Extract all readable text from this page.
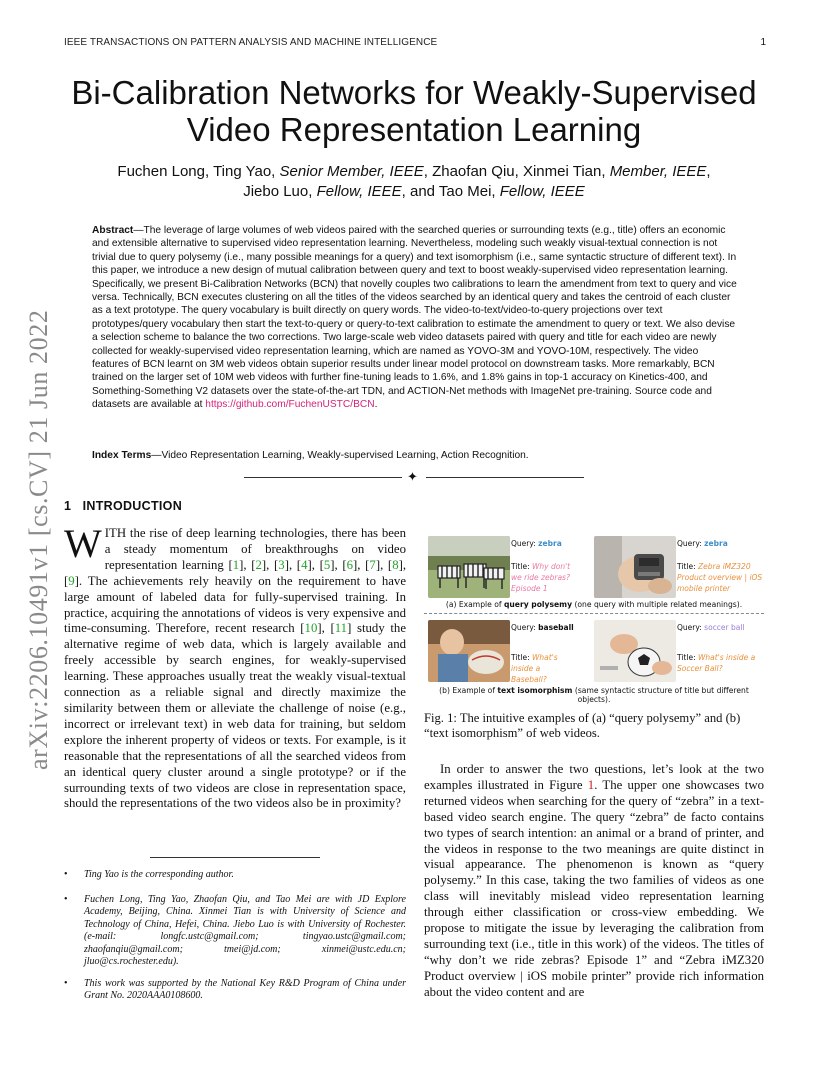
IEEE TRANSACTIONS ON PATTERN ANALYSIS AND MACHINE INTELLIGENCE	1
arXiv:2206.10491v1 [cs.CV] 21 Jun 2022
Bi-Calibration Networks for Weakly-Supervised Video Representation Learning
Fuchen Long, Ting Yao, Senior Member, IEEE, Zhaofan Qiu, Xinmei Tian, Member, IEEE,
Jiebo Luo, Fellow, IEEE, and Tao Mei, Fellow, IEEE
Abstract—The leverage of large volumes of web videos paired with the searched queries or surrounding texts (e.g., title) offers an economic and extensible alternative to supervised video representation learning. Nevertheless, modeling such weakly visual-textual connection is not trivial due to query polysemy (i.e., many possible meanings for a query) and text isomorphism (i.e., same syntactic structure of different text). In this paper, we introduce a new design of mutual calibration between query and text to boost weakly-supervised video representation learning. Specifically, we present Bi-Calibration Networks (BCN) that novelly couples two calibrations to learn the amendment from text to query and vice versa. Technically, BCN executes clustering on all the titles of the videos searched by an identical query and takes the centroid of each cluster as a text prototype. The query vocabulary is built directly on query words. The video-to-text/video-to-query projections over text prototypes/query vocabulary then start the text-to-query or query-to-text calibration to estimate the amendment to query or text. We also devise a selection scheme to balance the two corrections. Two large-scale web video datasets paired with query and title for each video are newly collected for weakly-supervised video representation learning, which are named as YOVO-3M and YOVO-10M, respectively. The video features of BCN learnt on 3M web videos obtain superior results under linear model protocol on downstream tasks. More remarkably, BCN trained on the larger set of 10M web videos with further fine-tuning leads to 1.6%, and 1.8% gains in top-1 accuracy on Kinetics-400, and Something-Something V2 datasets over the state-of-the-art TDN, and ACTION-Net methods with ImageNet pre-training. Source code and datasets are available at https://github.com/FuchenUSTC/BCN.
Index Terms—Video Representation Learning, Weakly-supervised Learning, Action Recognition.
✦
1 INTRODUCTION
WITH the rise of deep learning technologies, there has been a steady momentum of breakthroughs on video representation learning [1], [2], [3], [4], [5], [6], [7], [8], [9]. The achievements rely heavily on the requirement to have large amount of labeled data for fully-supervised training. In practice, acquiring the annotations of videos is very expensive and time-consuming. Therefore, recent research [10], [11] study the alternative regime of web data, which is largely available and freely accessible by search engines, for weakly-supervised learning. These approaches usually treat the weakly visual-textual connection as a reliable signal and directly maximize the similarity between them or alleviate the challenge of noise (e.g., incorrect or irrelevant text) in web data for training, but seldom explore the inherent property of videos or texts. For example, is it reasonable that the representations of all the searched videos from an identical query cluster around a single prototype? or if the surrounding texts of two videos are close in representation space, should the representations of the two videos also be in proximity?
• Ting Yao is the corresponding author.
• Fuchen Long, Ting Yao, Zhaofan Qiu, and Tao Mei are with JD Explore Academy, Beijing, China. Xinmei Tian is with University of Science and Technology of China, Hefei, China. Jiebo Luo is with University of Rochester. (e-mail: longfc.ustc@gmail.com; tingyao.ustc@gmail.com; zhaofanqiu@gmail.com; tmei@jd.com; xinmei@ustc.edu.cn; jluo@cs.rochester.edu).
• This work was supported by the National Key R&D Program of China under Grant No. 2020AAA0108600.
Query: zebra
Title: Why don't we ride zebras? Episode 1
Query: zebra
Title: Zebra iMZ320 Product overview | iOS mobile printer
(a) Example of query polysemy (one query with multiple related meanings).
Query: baseball
Title: What's inside a Baseball?
Query: soccer ball
Title: What's inside a Soccer Ball?
(b) Example of text isomorphism (same syntactic structure of title but different objects).
Fig. 1: The intuitive examples of (a) “query polysemy” and (b) “text isomorphism” of web videos.

In order to answer the two questions, let’s look at the two examples illustrated in Figure 1. The upper one showcases two returned videos when searching for the query of “zebra” in a text-based video search engine. The query “zebra” de facto contains two types of search intention: an animal or a brand of printer, and the videos in response to the two meanings are quite distinct in visual appearance. The phenomenon is known as “query polysemy.” In this case, taking the two families of videos as one class will inevitably mislead video representation learning through either classification or cross-view embedding. We propose to mitigate the issue by leveraging the calibration from surrounding text (i.e., title in this work) of the videos. The titles of “why don’t we ride zebras? Episode 1” and “Zebra iMZ320 Product overview | iOS mobile printer” provide rich information about the video content and are
